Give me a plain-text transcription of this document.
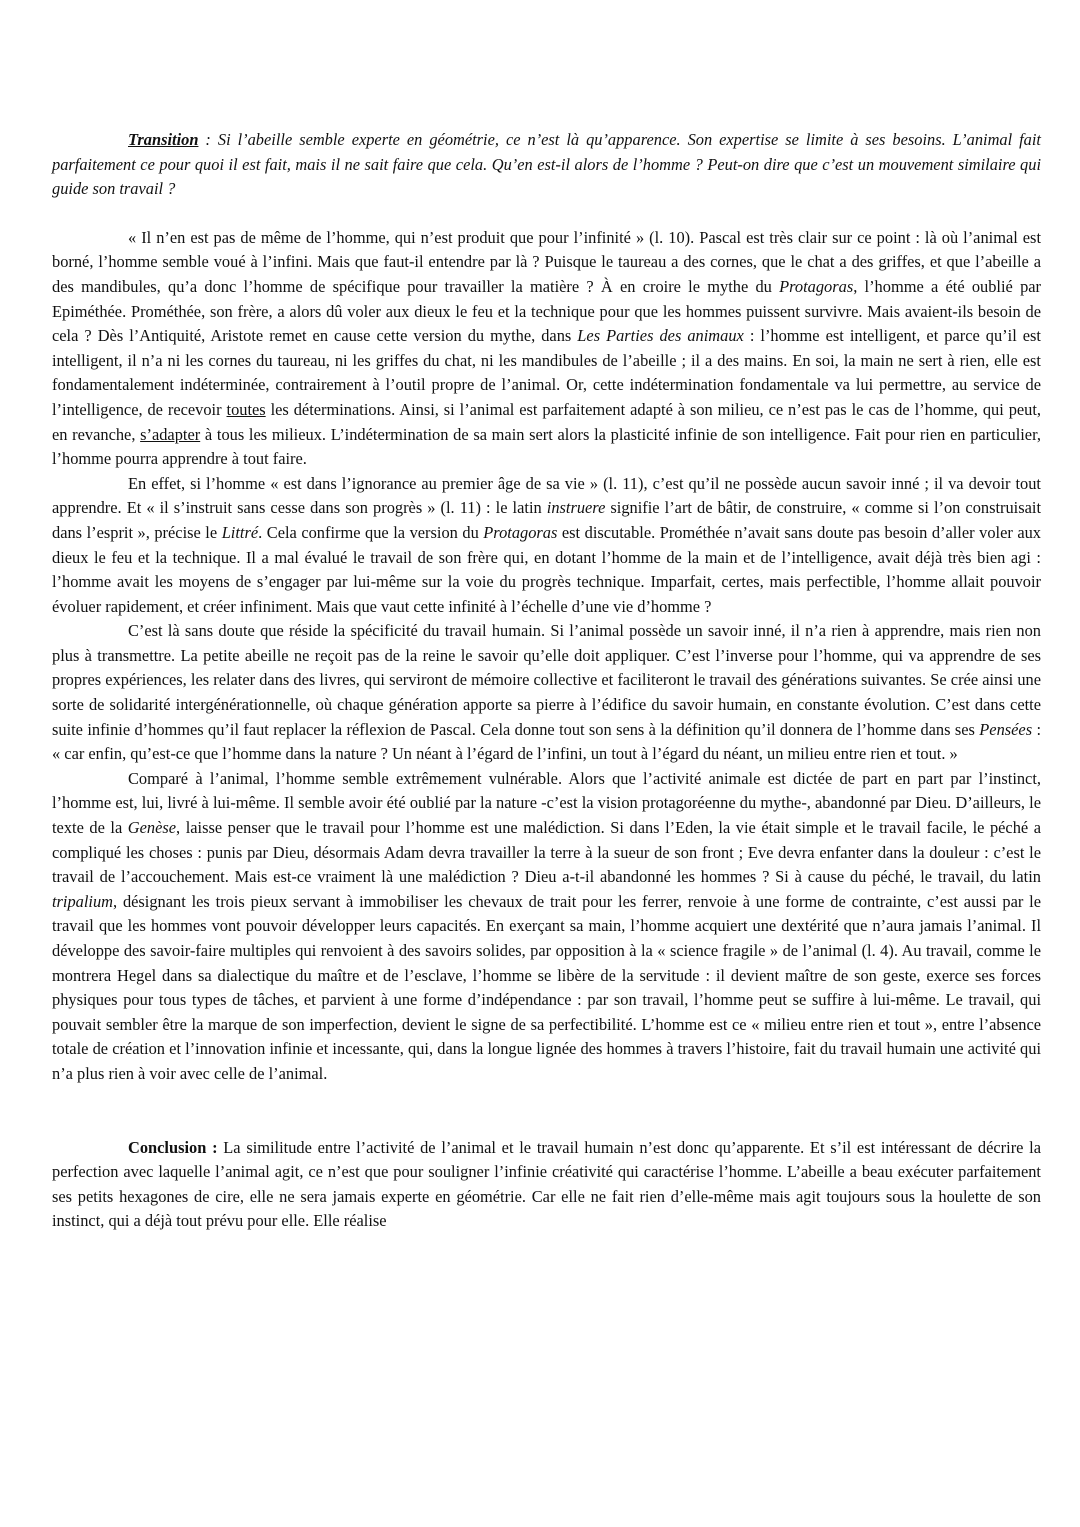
Transition : Si l’abeille semble experte en géométrie, ce n’est là qu’apparence. Son expertise se limite à ses besoins. L’animal fait parfaitement ce pour quoi il est fait, mais il ne sait faire que cela. Qu’en est-il alors de l’homme ? Peut-on dire que c’est un mouvement similaire qui guide son travail ?

« Il n’en est pas de même de l’homme, qui n’est produit que pour l’infinité » (l. 10). Pascal est très clair sur ce point : là où l’animal est borné, l’homme semble voué à l’infini. Mais que faut-il entendre par là ? Puisque le taureau a des cornes, que le chat a des griffes, et que l’abeille a des mandibules, qu’a donc l’homme de spécifique pour travailler la matière ? À en croire le mythe du Protagoras, l’homme a été oublié par Epiméthée. Prométhée, son frère, a alors dû voler aux dieux le feu et la technique pour que les hommes puissent survivre. Mais avaient-ils besoin de cela ? Dès l’Antiquité, Aristote remet en cause cette version du mythe, dans Les Parties des animaux : l’homme est intelligent, et parce qu’il est intelligent, il n’a ni les cornes du taureau, ni les griffes du chat, ni les mandibules de l’abeille ; il a des mains. En soi, la main ne sert à rien, elle est fondamentalement indéterminée, contrairement à l’outil propre de l’animal. Or, cette indétermination fondamentale va lui permettre, au service de l’intelligence, de recevoir toutes les déterminations. Ainsi, si l’animal est parfaitement adapté à son milieu, ce n’est pas le cas de l’homme, qui peut, en revanche, s’adapter à tous les milieux. L’indétermination de sa main sert alors la plasticité infinie de son intelligence. Fait pour rien en particulier, l’homme pourra apprendre à tout faire.

En effet, si l’homme « est dans l’ignorance au premier âge de sa vie » (l. 11), c’est qu’il ne possède aucun savoir inné ; il va devoir tout apprendre. Et « il s’instruit sans cesse dans son progrès » (l. 11) : le latin instruere signifie l’art de bâtir, de construire, « comme si l’on construisait dans l’esprit », précise le Littré. Cela confirme que la version du Protagoras est discutable. Prométhée n’avait sans doute pas besoin d’aller voler aux dieux le feu et la technique. Il a mal évalué le travail de son frère qui, en dotant l’homme de la main et de l’intelligence, avait déjà très bien agi : l’homme avait les moyens de s’engager par lui-même sur la voie du progrès technique. Imparfait, certes, mais perfectible, l’homme allait pouvoir évoluer rapidement, et créer infiniment. Mais que vaut cette infinité à l’échelle d’une vie d’homme ?

C’est là sans doute que réside la spécificité du travail humain. Si l’animal possède un savoir inné, il n’a rien à apprendre, mais rien non plus à transmettre. La petite abeille ne reçoit pas de la reine le savoir qu’elle doit appliquer. C’est l’inverse pour l’homme, qui va apprendre de ses propres expériences, les relater dans des livres, qui serviront de mémoire collective et faciliteront le travail des générations suivantes. Se crée ainsi une sorte de solidarité intergénérationnelle, où chaque génération apporte sa pierre à l’édifice du savoir humain, en constante évolution. C’est dans cette suite infinie d’hommes qu’il faut replacer la réflexion de Pascal. Cela donne tout son sens à la définition qu’il donnera de l’homme dans ses Pensées : « car enfin, qu’est-ce que l’homme dans la nature ? Un néant à l’égard de l’infini, un tout à l’égard du néant, un milieu entre rien et tout. »

Comparé à l’animal, l’homme semble extrêmement vulnérable. Alors que l’activité animale est dictée de part en part par l’instinct, l’homme est, lui, livré à lui-même. Il semble avoir été oublié par la nature -c’est la vision protagoréenne du mythe-, abandonné par Dieu. D’ailleurs, le texte de la Genèse, laisse penser que le travail pour l’homme est une malédiction. Si dans l’Eden, la vie était simple et le travail facile, le péché a compliqué les choses : punis par Dieu, désormais Adam devra travailler la terre à la sueur de son front ; Eve devra enfanter dans la douleur : c’est le travail de l’accouchement. Mais est-ce vraiment là une malédiction ? Dieu a-t-il abandonné les hommes ? Si à cause du péché, le travail, du latin tripalium, désignant les trois pieux servant à immobiliser les chevaux de trait pour les ferrer, renvoie à une forme de contrainte, c’est aussi par le travail que les hommes vont pouvoir développer leurs capacités. En exerçant sa main, l’homme acquiert une dextérité que n’aura jamais l’animal. Il développe des savoir-faire multiples qui renvoient à des savoirs solides, par opposition à la « science fragile » de l’animal (l. 4). Au travail, comme le montrera Hegel dans sa dialectique du maître et de l’esclave, l’homme se libère de la servitude : il devient maître de son geste, exerce ses forces physiques pour tous types de tâches, et parvient à une forme d’indépendance : par son travail, l’homme peut se suffire à lui-même. Le travail, qui pouvait sembler être la marque de son imperfection, devient le signe de sa perfectibilité. L’homme est ce « milieu entre rien et tout », entre l’absence totale de création et l’innovation infinie et incessante, qui, dans la longue lignée des hommes à travers l’histoire, fait du travail humain une activité qui n’a plus rien à voir avec celle de l’animal.

Conclusion : La similitude entre l’activité de l’animal et le travail humain n’est donc qu’apparente. Et s’il est intéressant de décrire la perfection avec laquelle l’animal agit, ce n’est que pour souligner l’infinie créativité qui caractérise l’homme. L’abeille a beau exécuter parfaitement ses petits hexagones de cire, elle ne sera jamais experte en géométrie. Car elle ne fait rien d’elle-même mais agit toujours sous la houlette de son instinct, qui a déjà tout prévu pour elle. Elle réalise
